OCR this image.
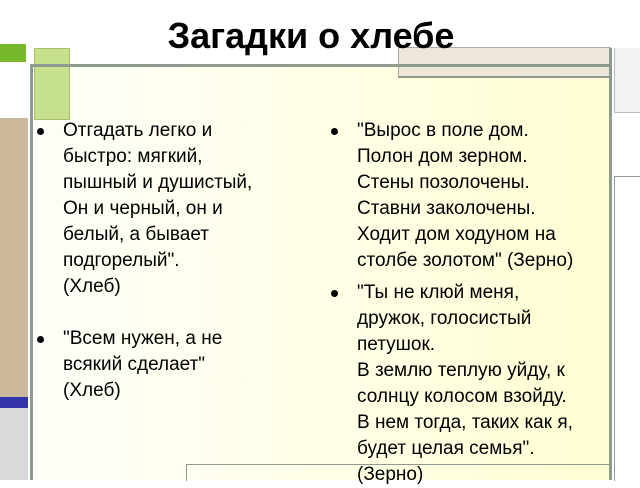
Загадки о хлебе
Отгадать легко и
быстро: мягкий,
пышный и душистый,
Он и черный, он и
белый, а бывает
подгорелый".
(Хлеб)
"Всем нужен, а не
всякий сделает"
(Хлеб)
"Вырос в поле дом.
Полон дом зерном.
Стены позолочены.
Ставни заколочены.
Ходит дом ходуном на
столбе золотом" (Зерно)
"Ты не клюй меня,
дружок, голосистый
петушок.
В землю теплую уйду, к
солнцу колосом взойду.
В нем тогда, таких как я,
будет целая семья".
(Зерно)
